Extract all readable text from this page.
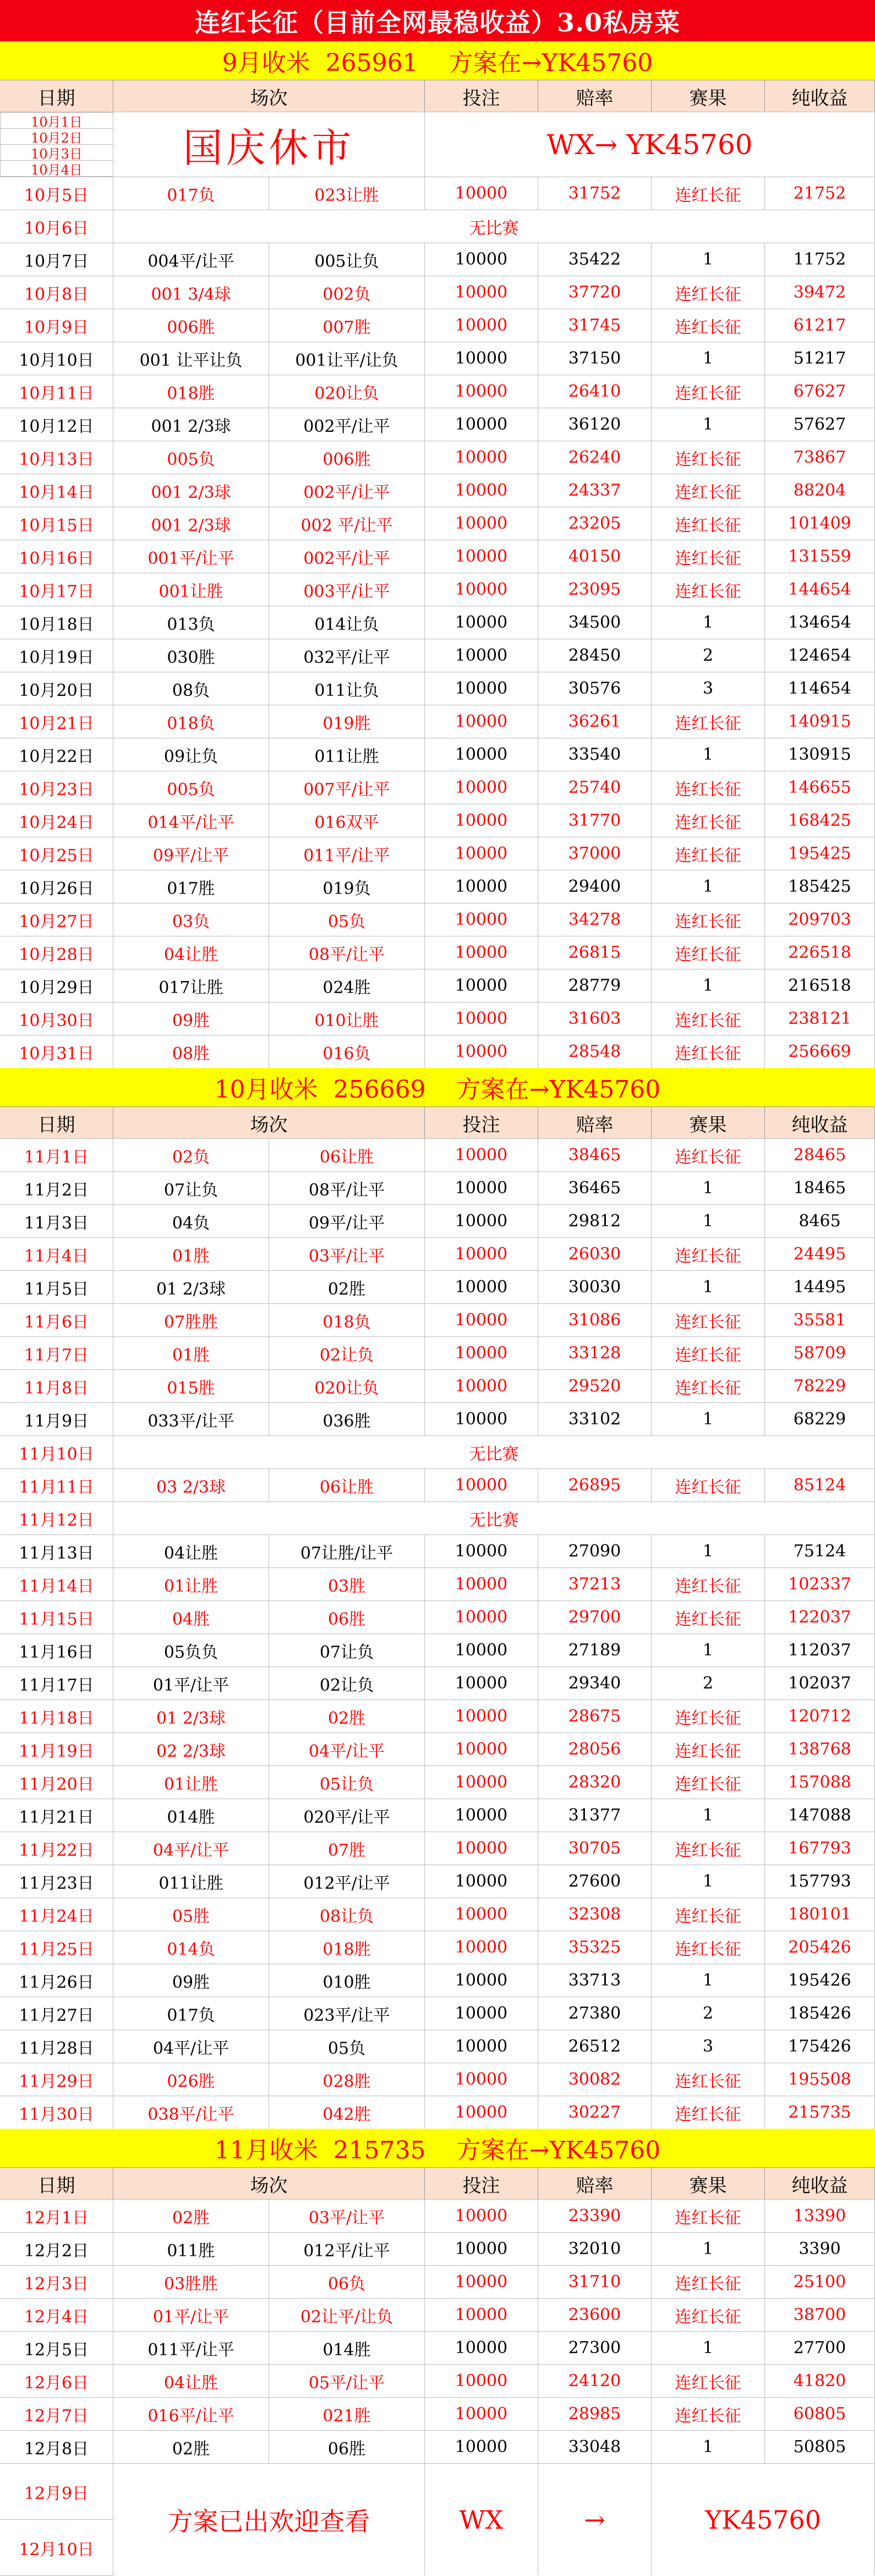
连红长征（目前全网最稳收益）3.0私房菜
9月收米  265961    方案在→YK45760
日期	场次	投注	赔率	赛果	纯收益
10月1日
10月2日
10月3日
10月4日	国庆休市	WX→ YK45760
10月5日	017负	023让胜	10000	31752	连红长征	21752
10月6日	无比赛
10月7日	004平/让平	005让负	10000	35422	1	11752
10月8日	001 3/4球	002负	10000	37720	连红长征	39472
10月9日	006胜	007胜	10000	31745	连红长征	61217
10月10日	001 让平让负	001让平/让负	10000	37150	1	51217
10月11日	018胜	020让负	10000	26410	连红长征	67627
10月12日	001 2/3球	002平/让平	10000	36120	1	57627
10月13日	005负	006胜	10000	26240	连红长征	73867
10月14日	001 2/3球	002平/让平	10000	24337	连红长征	88204
10月15日	001 2/3球	002 平/让平	10000	23205	连红长征	101409
10月16日	001平/让平	002平/让平	10000	40150	连红长征	131559
10月17日	001让胜	003平/让平	10000	23095	连红长征	144654
10月18日	013负	014让负	10000	34500	1	134654
10月19日	030胜	032平/让平	10000	28450	2	124654
10月20日	08负	011让负	10000	30576	3	114654
10月21日	018负	019胜	10000	36261	连红长征	140915
10月22日	09让负	011让胜	10000	33540	1	130915
10月23日	005负	007平/让平	10000	25740	连红长征	146655
10月24日	014平/让平	016双平	10000	31770	连红长征	168425
10月25日	09平/让平	011平/让平	10000	37000	连红长征	195425
10月26日	017胜	019负	10000	29400	1	185425
10月27日	03负	05负	10000	34278	连红长征	209703
10月28日	04让胜	08平/让平	10000	26815	连红长征	226518
10月29日	017让胜	024胜	10000	28779	1	216518
10月30日	09胜	010让胜	10000	31603	连红长征	238121
10月31日	08胜	016负	10000	28548	连红长征	256669
10月收米  256669    方案在→YK45760
日期	场次	投注	赔率	赛果	纯收益
11月1日	02负	06让胜	10000	38465	连红长征	28465
11月2日	07让负	08平/让平	10000	36465	1	18465
11月3日	04负	09平/让平	10000	29812	1	8465
11月4日	01胜	03平/让平	10000	26030	连红长征	24495
11月5日	01 2/3球	02胜	10000	30030	1	14495
11月6日	07胜胜	018负	10000	31086	连红长征	35581
11月7日	01胜	02让负	10000	33128	连红长征	58709
11月8日	015胜	020让负	10000	29520	连红长征	78229
11月9日	033平/让平	036胜	10000	33102	1	68229
11月10日	无比赛
11月11日	03 2/3球	06让胜	10000	26895	连红长征	85124
11月12日	无比赛
11月13日	04让胜	07让胜/让平	10000	27090	1	75124
11月14日	01让胜	03胜	10000	37213	连红长征	102337
11月15日	04胜	06胜	10000	29700	连红长征	122037
11月16日	05负负	07让负	10000	27189	1	112037
11月17日	01平/让平	02让负	10000	29340	2	102037
11月18日	01 2/3球	02胜	10000	28675	连红长征	120712
11月19日	02 2/3球	04平/让平	10000	28056	连红长征	138768
11月20日	01让胜	05让负	10000	28320	连红长征	157088
11月21日	014胜	020平/让平	10000	31377	1	147088
11月22日	04平/让平	07胜	10000	30705	连红长征	167793
11月23日	011让胜	012平/让平	10000	27600	1	157793
11月24日	05胜	08让负	10000	32308	连红长征	180101
11月25日	014负	018胜	10000	35325	连红长征	205426
11月26日	09胜	010胜	10000	33713	1	195426
11月27日	017负	023平/让平	10000	27380	2	185426
11月28日	04平/让平	05负	10000	26512	3	175426
11月29日	026胜	028胜	10000	30082	连红长征	195508
11月30日	038平/让平	042胜	10000	30227	连红长征	215735
11月收米  215735    方案在→YK45760
日期	场次	投注	赔率	赛果	纯收益
12月1日	02胜	03平/让平	10000	23390	连红长征	13390
12月2日	011胜	012平/让平	10000	32010	1	3390
12月3日	03胜胜	06负	10000	31710	连红长征	25100
12月4日	01平/让平	02让平/让负	10000	23600	连红长征	38700
12月5日	011平/让平	014胜	10000	27300	1	27700
12月6日	04让胜	05平/让平	10000	24120	连红长征	41820
12月7日	016平/让平	021胜	10000	28985	连红长征	60805
12月8日	02胜	06胜	10000	33048	1	50805
12月9日
12月10日
方案已出欢迎查看	WX	→	YK45760
